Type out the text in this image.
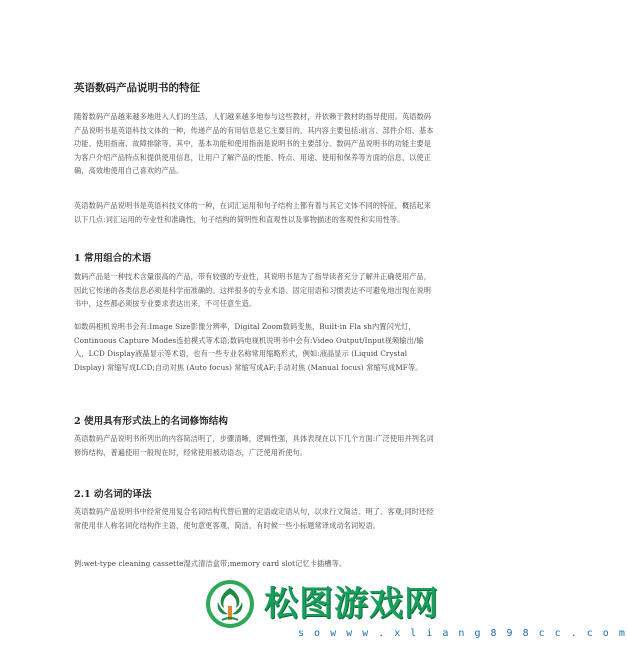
英语数码产品说明书的特征
随着数码产品越来越多地进入人们的生活，人们越来越多地参与这些教材，并依赖于教材的指导使用。英语数码产品说明书是英语科技文体的一种，传递产品的有用信息是它主要目的，其内容主要包括:前言、部件介绍、基本功能、使用指南、故障排除等。其中，基本功能和使用指南是说明书的主要部分。数码产品说明书的功能主要是为客户介绍产品特点和提供使用信息，让用户了解产品的性能、特点、用途、使用和保养等方面的信息，以使正确，高效地使用自己喜欢的产品。
英语数码产品说明书是英语科技文体的一种，在词汇运用和句子结构上都有着与其它文体不同的特征，概括起来以下几点:词汇运用的专业性和准确性、句子结构的简明性和直观性以及事物描述的客观性和实用性等。
1 常用组合的术语
数码产品是一种技术含量很高的产品，带有较强的专业性，其说明书是为了指导读者充分了解并正确使用产品，因此它传递的各类信息必须是科学而准确的。这样很多的专业术语、固定用语和习惯表达不可避免地出现在说明书中，这些都必须按专业要求表达出来，不可任意生造。
如数码相机说明书会有:Image Size影像分辨率，Digital Zoom数码变焦，Built-in Fla sh内置闪光灯，Continuous Capture Modes连拍模式等术语;数码电视机说明书中会有:Video Output/Input视频输出/输入，LCD Display液晶显示等术语，也有一些专业名称常用缩略形式，例如:液晶显示 (Liquid Crystal Display) 常缩写成LCD;自动对焦 (Auto focus) 常缩写成AF;手动对焦 (Manual focus) 常缩写成MF等。
2 使用具有形式法上的名词修饰结构
英语数码产品说明书所列出的内容简洁明了，步骤清晰，逻辑性强，具体表现在以下几个方面:广泛使用并列名词修饰结构，普遍使用一般现在时，经常使用被动语态，广泛使用祈使句。
2.1 动名词的译法
英语数码产品说明书中经常使用复合名词结构代替后置的定语或定语从句，以求行文简洁、明了、客观;同时还经常使用非人称名词化结构作主语，使句意更客观、简洁，有时候一些小标题常译成动名词短语。
例:wet-type cleaning cassette湿式清洁盒带;memory card slot记忆卡插槽等。
松图游戏网
s o w w w . x l i a n g 8 9 8 c c . c o m
